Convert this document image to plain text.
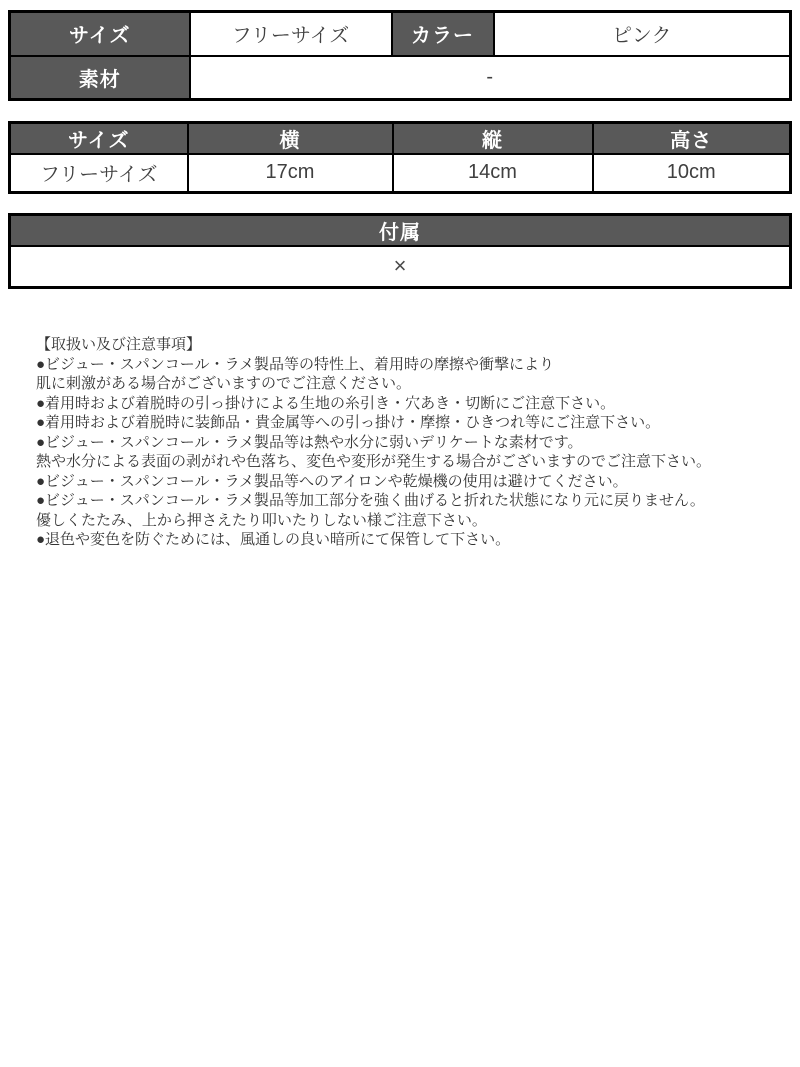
サイズ	フリーサイズ	カラー	ピンク
素材	-		
サイズ	横	縦	高さ
フリーサイズ	17cm	14cm	10cm
付属
×
【取扱い及び注意事項】
●ビジュー・スパンコール・ラメ製品等の特性上、着用時の摩擦や衝撃により
肌に刺激がある場合がございますのでご注意ください。
●着用時および着脱時の引っ掛けによる生地の糸引き・穴あき・切断にご注意下さい。
●着用時および着脱時に装飾品・貴金属等への引っ掛け・摩擦・ひきつれ等にご注意下さい。
●ビジュー・スパンコール・ラメ製品等は熱や水分に弱いデリケートな素材です。
熱や水分による表面の剥がれや色落ち、変色や変形が発生する場合がございますのでご注意下さい。
●ビジュー・スパンコール・ラメ製品等へのアイロンや乾燥機の使用は避けてください。
●ビジュー・スパンコール・ラメ製品等加工部分を強く曲げると折れた状態になり元に戻りません。
優しくたたみ、上から押さえたり叩いたりしない様ご注意下さい。
●退色や変色を防ぐためには、風通しの良い暗所にて保管して下さい。
